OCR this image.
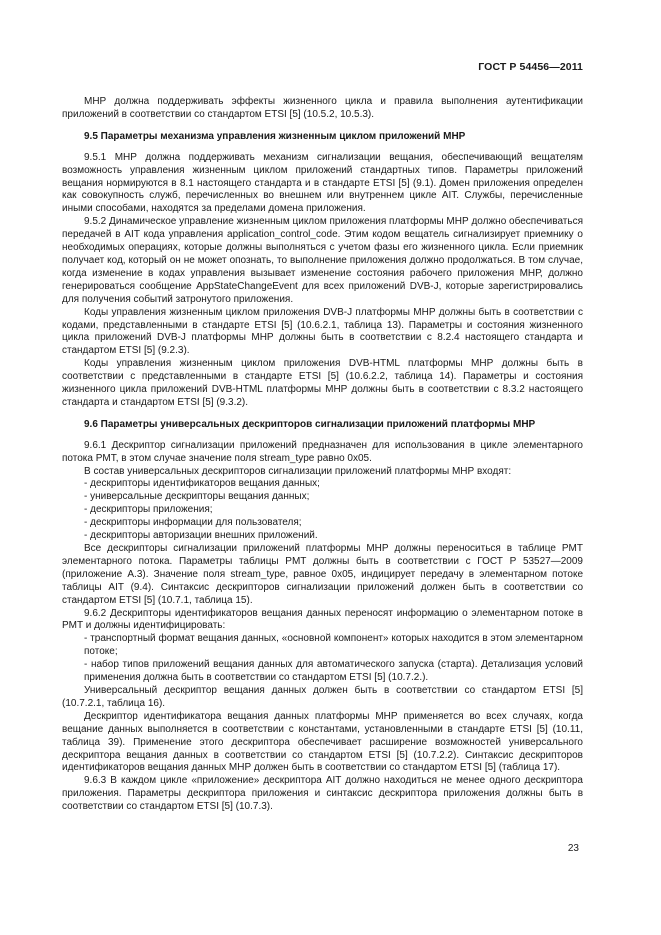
ГОСТ Р 54456—2011

МНР должна поддерживать эффекты жизненного цикла и правила выполнения аутентификации приложений в соответствии со стандартом ETSI [5] (10.5.2, 10.5.3).

9.5 Параметры механизма управления жизненным циклом приложений МНР

9.5.1 МНР должна поддерживать механизм сигнализации вещания, обеспечивающий вещателям возможность управления жизненным циклом приложений стандартных типов. Параметры приложений вещания нормируются в 8.1 настоящего стандарта и в стандарте ETSI [5] (9.1). Домен приложения определен как совокупность служб, перечисленных во внешнем или внутреннем цикле AIT. Службы, перечисленные иными способами, находятся за пределами домена приложения.

9.5.2 Динамическое управление жизненным циклом приложения платформы МНР должно обеспечиваться передачей в AIT кода управления application_control_code. Этим кодом вещатель сигнализирует приемнику о необходимых операциях, которые должны выполняться с учетом фазы его жизненного цикла. Если приемник получает код, который он не может опознать, то выполнение приложения должно продолжаться. В том случае, когда изменение в кодах управления вызывает изменение состояния рабочего приложения МНР, должно генерироваться сообщение AppStateChangeEvent для всех приложений DVB-J, которые зарегистрировались для получения событий затронутого приложения.

Коды управления жизненным циклом приложения DVB-J платформы МНР должны быть в соответствии с кодами, представленными в стандарте ETSI [5] (10.6.2.1, таблица 13). Параметры и состояния жизненного цикла приложений DVB-J платформы МНР должны быть в соответствии с 8.2.4 настоящего стандарта и стандартом ETSI [5] (9.2.3).

Коды управления жизненным циклом приложения DVB-HTML платформы МНР должны быть в соответствии с представленными в стандарте ETSI [5] (10.6.2.2, таблица 14). Параметры и состояния жизненного цикла приложений DVB-HTML платформы МНР должны быть в соответствии с 8.3.2 настоящего стандарта и стандартом ETSI [5] (9.3.2).

9.6 Параметры универсальных дескрипторов сигнализации приложений платформы МНР

9.6.1 Дескриптор сигнализации приложений предназначен для использования в цикле элементарного потока PMT, в этом случае значение поля stream_type равно 0x05.

В состав универсальных дескрипторов сигнализации приложений платформы МНР входят:

- дескрипторы идентификаторов вещания данных;
- универсальные дескрипторы вещания данных;
- дескрипторы приложения;
- дескрипторы информации для пользователя;
- дескрипторы авторизации внешних приложений.

Все дескрипторы сигнализации приложений платформы МНР должны переноситься в таблице PMT элементарного потока. Параметры таблицы PMT должны быть в соответствии с ГОСТ Р 53527—2009 (приложение А.3). Значение поля stream_type, равное 0x05, индицирует передачу в элементарном потоке таблицы AIT (9.4). Синтаксис дескрипторов сигнализации приложений должен быть в соответствии со стандартом ETSI [5] (10.7.1, таблица 15).

9.6.2 Дескрипторы идентификаторов вещания данных переносят информацию о элементарном потоке в PMT и должны идентифицировать:

- транспортный формат вещания данных, «основной компонент» которых находится в этом элементарном потоке;
- набор типов приложений вещания данных для автоматического запуска (старта). Детализация условий применения должна быть в соответствии со стандартом ETSI [5] (10.7.2.).

Универсальный дескриптор вещания данных должен быть в соответствии со стандартом ETSI [5] (10.7.2.1, таблица 16).

Дескриптор идентификатора вещания данных платформы МНР применяется во всех случаях, когда вещание данных выполняется в соответствии с константами, установленными в стандарте ETSI [5] (10.11, таблица 39). Применение этого дескриптора обеспечивает расширение возможностей универсального дескриптора вещания данных в соответствии со стандартом ETSI [5] (10.7.2.2). Синтаксис дескрипторов идентификаторов вещания данных МНР должен быть в соответствии со стандартом ETSI [5] (таблица 17).

9.6.3 В каждом цикле «приложение» дескриптора AIT должно находиться не менее одного дескриптора приложения. Параметры дескриптора приложения и синтаксис дескриптора приложения должны быть в соответствии со стандартом ETSI [5] (10.7.3).

23
